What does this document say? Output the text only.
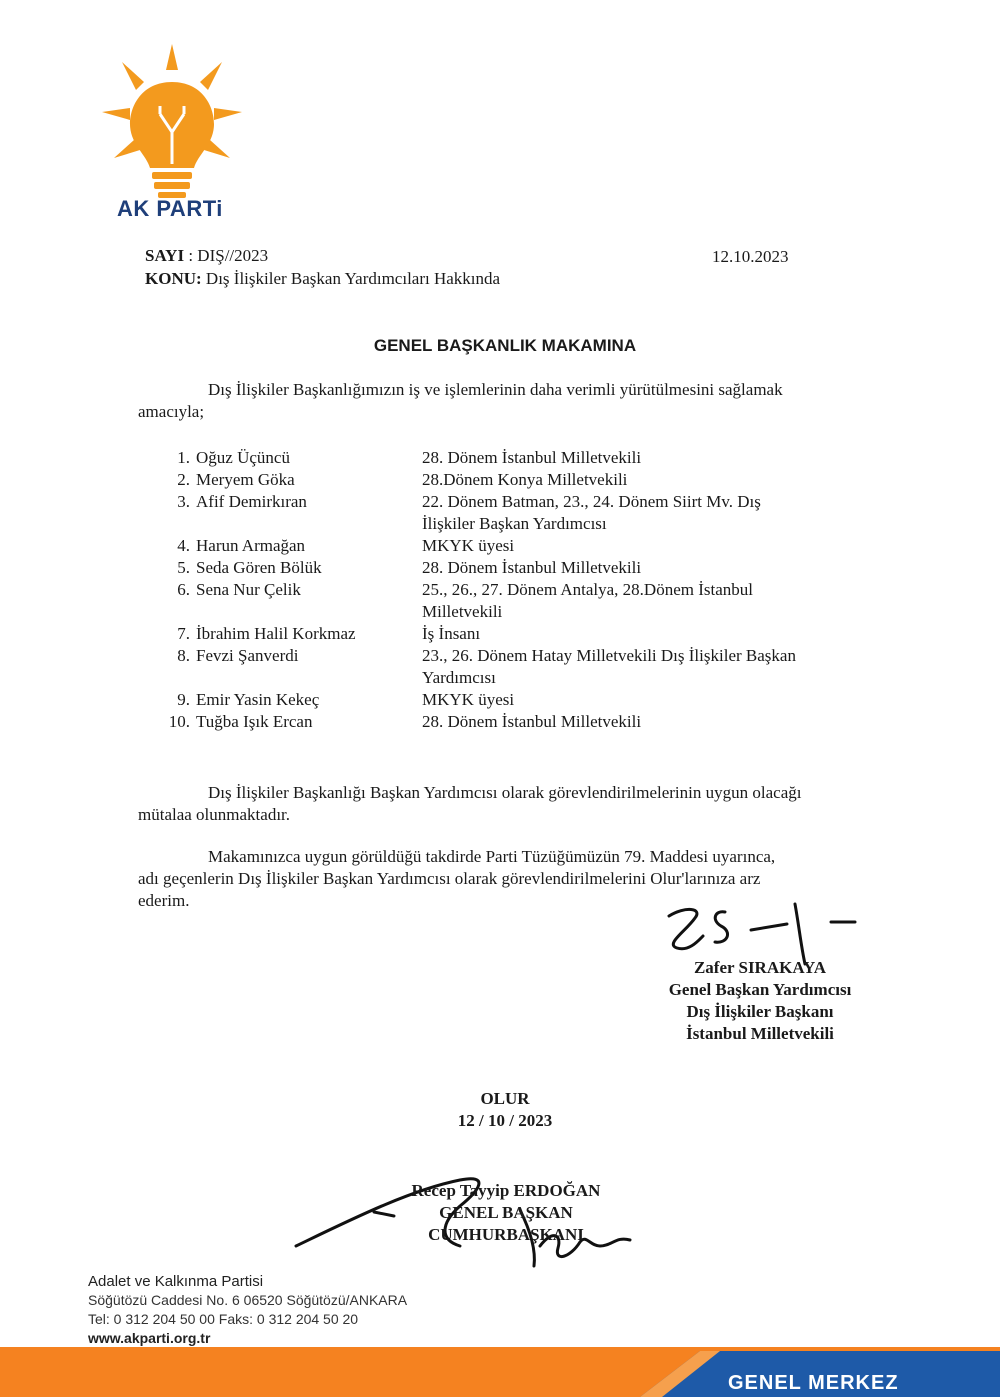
AK PARTi
SAYI : DIŞ//2023
KONU: Dış İlişkiler Başkan Yardımcıları Hakkında
12.10.2023
GENEL BAŞKANLIK MAKAMINA
Dış İlişkiler Başkanlığımızın iş ve işlemlerinin daha verimli yürütülmesini sağlamak
amacıyla;
1. Oğuz Üçüncü	28. Dönem İstanbul Milletvekili
2. Meryem Göka	28.Dönem Konya Milletvekili
3. Afif Demirkıran	22. Dönem Batman, 23., 24. Dönem Siirt Mv. Dış
İlişkiler Başkan Yardımcısı
4. Harun Armağan	MKYK üyesi
5. Seda Gören Bölük	28. Dönem İstanbul Milletvekili
6. Sena Nur Çelik	25., 26., 27. Dönem Antalya, 28.Dönem İstanbul
Milletvekili
7. İbrahim Halil Korkmaz	İş İnsanı
8. Fevzi Şanverdi	23., 26. Dönem Hatay Milletvekili Dış İlişkiler Başkan
Yardımcısı
9. Emir Yasin Kekeç	MKYK üyesi
10. Tuğba Işık Ercan	28. Dönem İstanbul Milletvekili
Dış İlişkiler Başkanlığı Başkan Yardımcısı olarak görevlendirilmelerinin uygun olacağı
mütalaa olunmaktadır.
Makamınızca uygun görüldüğü takdirde Parti Tüzüğümüzün 79. Maddesi uyarınca,
adı geçenlerin Dış İlişkiler Başkan Yardımcısı olarak görevlendirilmelerini Olur'larınıza arz
ederim.
Zafer SIRAKAYA
Genel Başkan Yardımcısı
Dış İlişkiler Başkanı
İstanbul Milletvekili
OLUR
12 / 10 / 2023
Recep Tayyip ERDOĞAN
GENEL BAŞKAN
CUMHURBAŞKANI
Adalet ve Kalkınma Partisi
Söğütözü Caddesi No. 6 06520 Söğütözü/ANKARA
Tel: 0 312 204 50 00 Faks: 0 312 204 50 20
www.akparti.org.tr
GENEL MERKEZ
